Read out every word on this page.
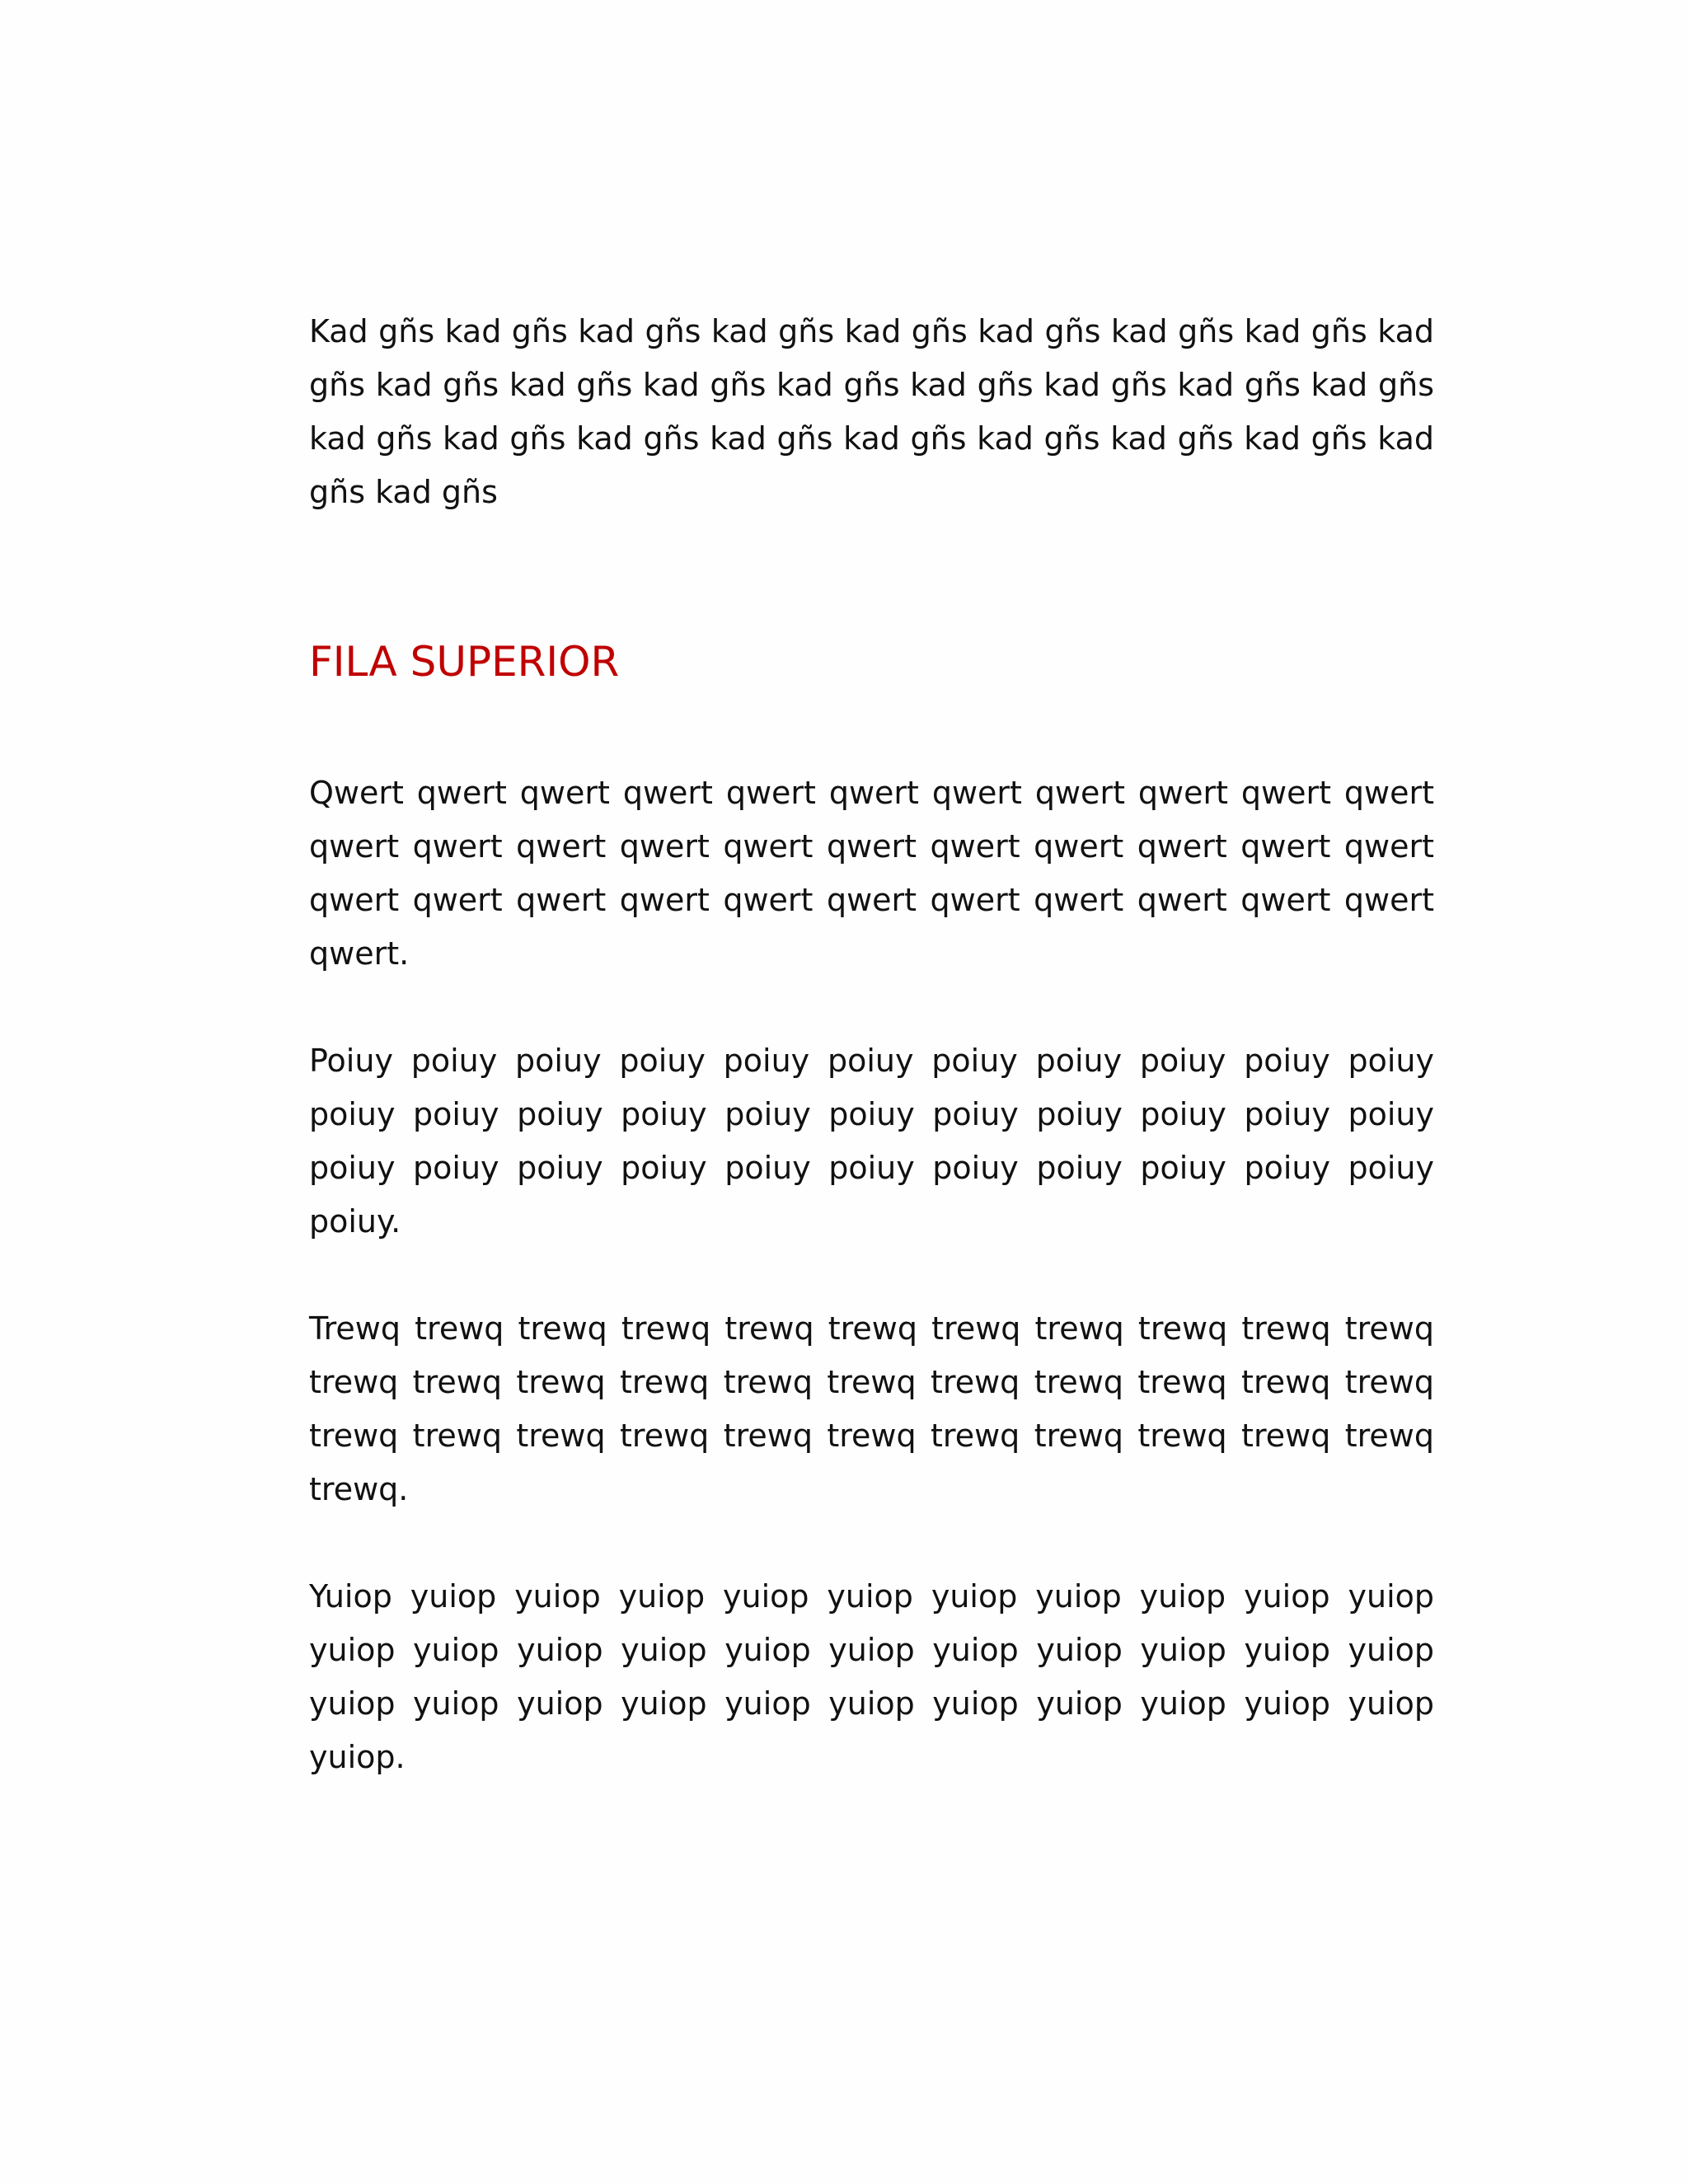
Kad gñs kad gñs kad gñs kad gñs kad gñs kad gñs kad gñs kad gñs kad gñs kad gñs kad gñs kad gñs kad gñs kad gñs kad gñs kad gñs kad gñs kad gñs kad gñs kad gñs kad gñs kad gñs kad gñs kad gñs kad gñs kad gñs kad gñs

FILA SUPERIOR

Qwert qwert qwert qwert qwert qwert qwert qwert qwert qwert qwert qwert qwert qwert qwert qwert qwert qwert qwert qwert qwert qwert qwert qwert qwert qwert qwert qwert qwert qwert qwert qwert qwert qwert.

Poiuy poiuy poiuy poiuy poiuy poiuy poiuy poiuy poiuy poiuy poiuy poiuy poiuy poiuy poiuy poiuy poiuy poiuy poiuy poiuy poiuy poiuy poiuy poiuy poiuy poiuy poiuy poiuy poiuy poiuy poiuy poiuy poiuy poiuy.

Trewq trewq trewq trewq trewq trewq trewq trewq trewq trewq trewq trewq trewq trewq trewq trewq trewq trewq trewq trewq trewq trewq trewq trewq trewq trewq trewq trewq trewq trewq trewq trewq trewq trewq.

Yuiop yuiop yuiop yuiop yuiop yuiop yuiop yuiop yuiop yuiop yuiop yuiop yuiop yuiop yuiop yuiop yuiop yuiop yuiop yuiop yuiop yuiop yuiop yuiop yuiop yuiop yuiop yuiop yuiop yuiop yuiop yuiop yuiop yuiop.
